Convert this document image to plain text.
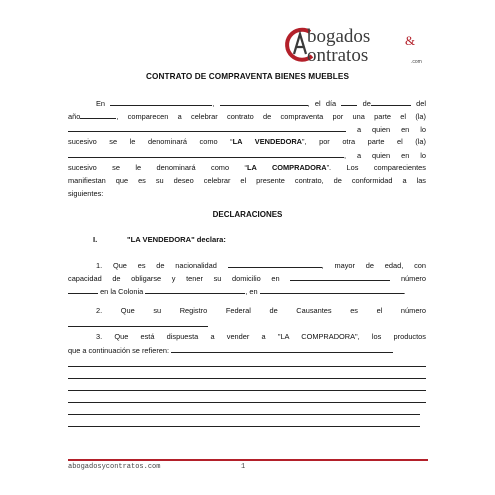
bogados
ontratos
&
.com
CONTRATO DE COMPRAVENTA BIENES MUEBLES
En	,	, el día	de	del
año	, comparecen a celebrar contrato de compraventa por una parte el (la)
a quien en lo
sucesivo se le denominará como “LA VENDEDORA”, por otra parte el (la)
, a quien en lo
sucesivo se le denominará como “LA COMPRADORA”. Los comparecientes
manifiestan que es su deseo celebrar el presente contrato, de conformidad a las
siguientes:
DECLARACIONES
I.	"LA VENDEDORA" declara:
1. Que es de nacionalidad	, mayor de edad, con
capacidad de obligarse y tener su domicilio en	número
en la Colonia	, en	.
2.	Que su Registro Federal de Causantes es el número
3. Que está dispuesta a vender a "LA COMPRADORA", los productos
que a continuación se refieren:
abogadosycontratos.com	1
